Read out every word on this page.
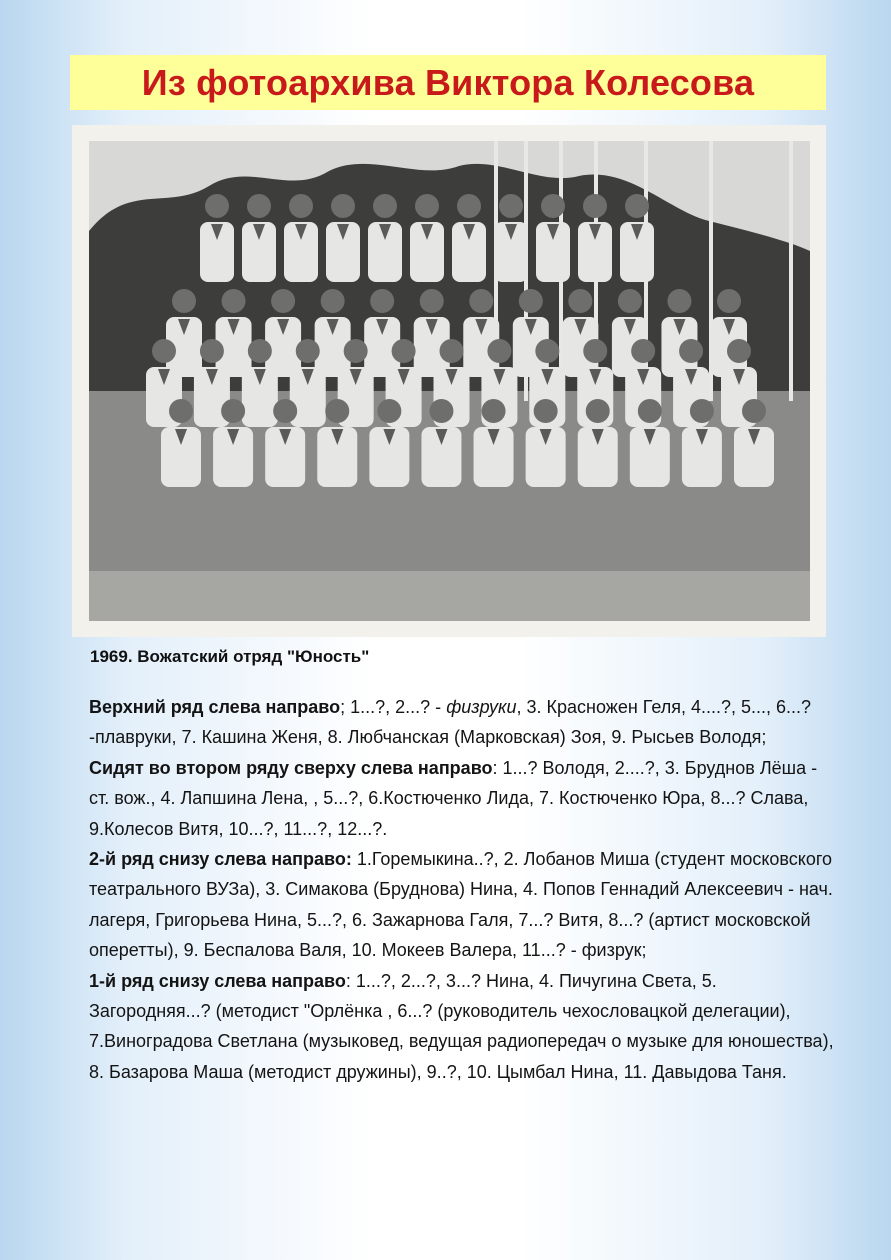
Из фотоархива Виктора Колесова
1969. Вожатский отряд "Юность"

Верхний ряд слева направо; 1...?, 2...? - физруки, 3. Красножен Геля, 4....?, 5..., 6...? -плавруки, 7. Кашина Женя, 8. Любчанская (Марковская) Зоя, 9. Рысьев Володя;

Сидят во втором ряду сверху слева направо: 1...? Володя, 2....?, 3. Бруднов Лёша - ст. вож., 4. Лапшина Лена, , 5...?, 6.Костюченко Лида, 7. Костюченко Юра, 8...? Слава, 9.Колесов Витя, 10...?, 11...?, 12...?.

2-й ряд снизу слева направо: 1.Горемыкина..?, 2. Лобанов Миша (студент московского театрального ВУЗа), 3. Симакова (Бруднова) Нина, 4. Попов Геннадий Алексеевич - нач. лагеря, Григорьева Нина, 5...?, 6. Зажарнова Галя, 7...? Витя, 8...? (артист московской оперетты), 9. Беспалова Валя, 10. Мокеев Валера, 11...? - физрук;

1-й ряд снизу слева направо: 1...?, 2...?, 3...? Нина, 4. Пичугина Света, 5. Загородняя...? (методист "Орлёнка , 6...? (руководитель чехословацкой делегации), 7.Виноградова Светлана (музыковед, ведущая радиопередач о музыке для юношества), 8. Базарова Маша (методист дружины), 9..?, 10. Цымбал Нина, 11. Давыдова Таня.
